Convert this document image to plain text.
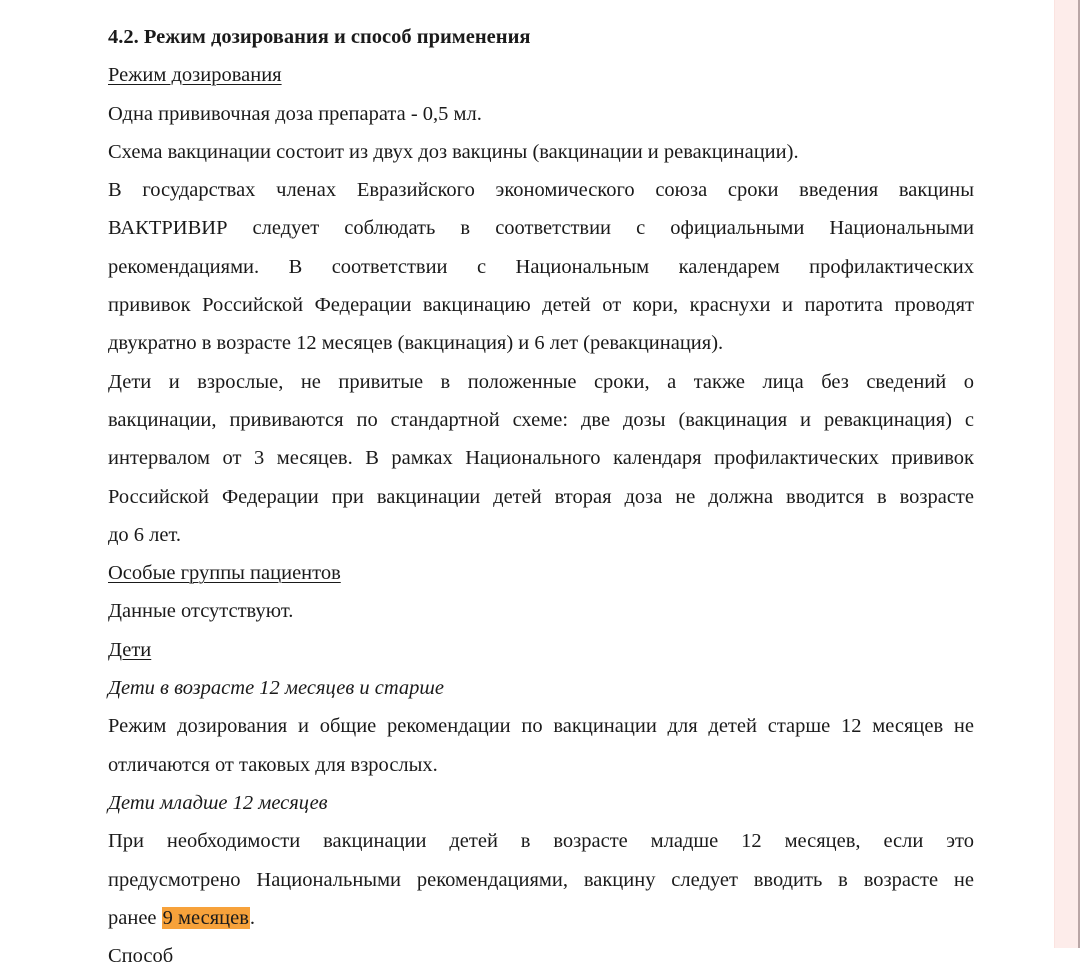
4.2. Режим дозирования и способ применения
Режим дозирования
Одна прививочная доза препарата - 0,5 мл.
Схема вакцинации состоит из двух доз вакцины (вакцинации и ревакцинации).
В государствах членах Евразийского экономического союза сроки введения вакцины
ВАКТРИВИР следует соблюдать в соответствии с официальными Национальными
рекомендациями. В соответствии с Национальным календарем профилактических
прививок Российской Федерации вакцинацию детей от кори, краснухи и паротита проводят
двукратно в возрасте 12 месяцев (вакцинация) и 6 лет (ревакцинация).
Дети и взрослые, не привитые в положенные сроки, а также лица без сведений о
вакцинации, прививаются по стандартной схеме: две дозы (вакцинация и ревакцинация) с
интервалом от 3 месяцев. В рамках Национального календаря профилактических прививок
Российской Федерации при вакцинации детей вторая доза не должна вводится в возрасте
до 6 лет.
Особые группы пациентов
Данные отсутствуют.
Дети
Дети в возрасте 12 месяцев и старше
Режим дозирования и общие рекомендации по вакцинации для детей старше 12 месяцев не
отличаются от таковых для взрослых.
Дети младше 12 месяцев
При необходимости вакцинации детей в возрасте младше 12 месяцев, если это
предусмотрено Национальными рекомендациями, вакцину следует вводить в возрасте не
ранее 9 месяцев.
Способ
